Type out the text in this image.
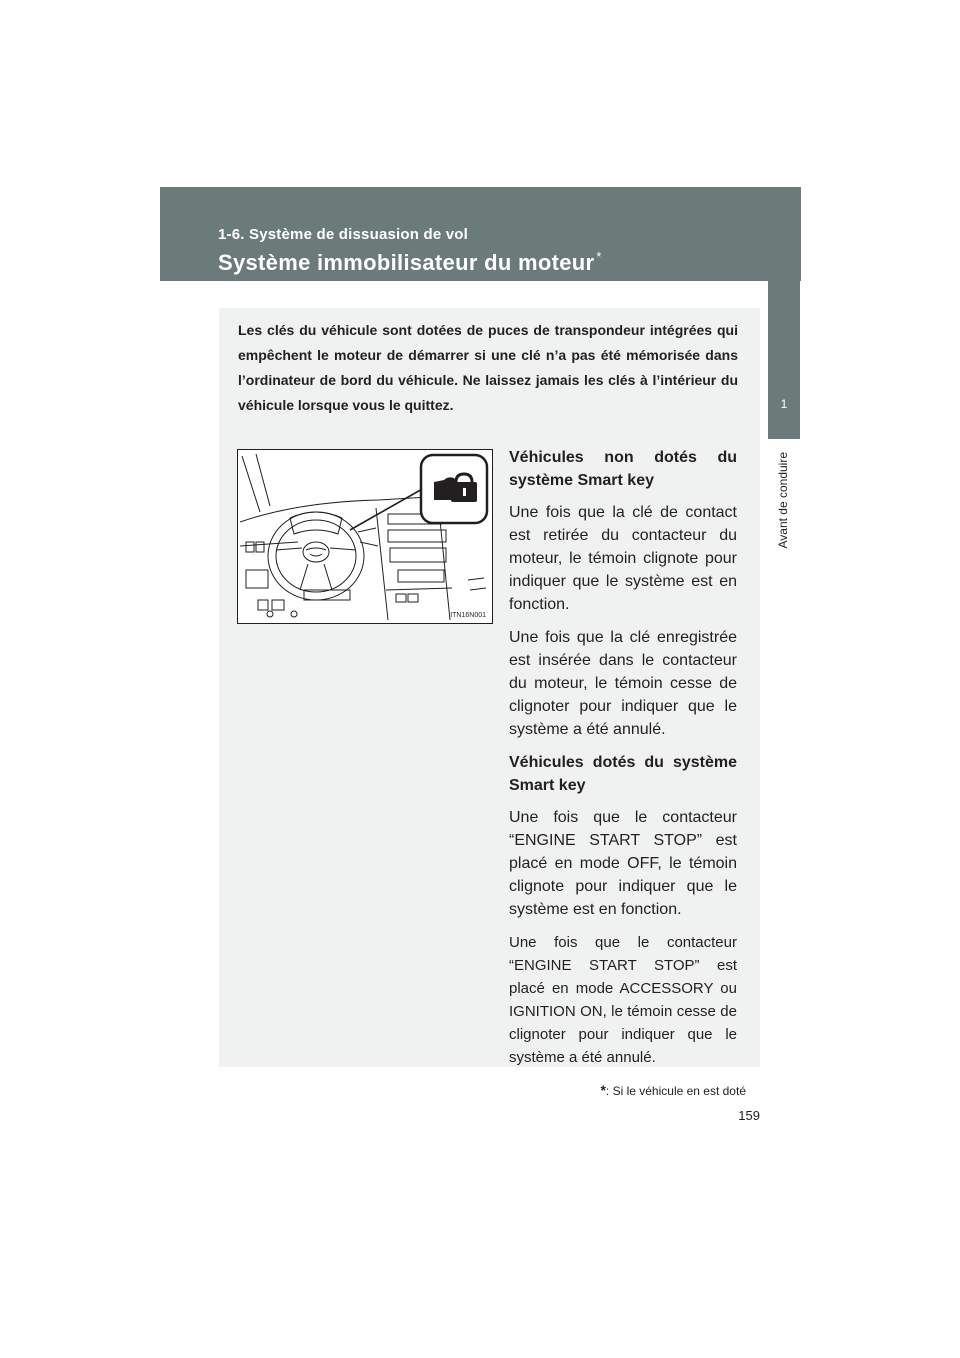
1-6. Système de dissuasion de vol
Système immobilisateur du moteur *
1
Avant de conduire

Les clés du véhicule sont dotées de puces de transpondeur intégrées qui empêchent le moteur de démarrer si une clé n’a pas été mémorisée dans l’ordinateur de bord du véhicule. Ne laissez jamais les clés à l’intérieur du véhicule lorsque vous le quittez.

ITN16N001

Véhicules non dotés du système Smart key

Une fois que la clé de contact est retirée du contacteur du moteur, le témoin clignote pour indiquer que le système est en fonction.

Une fois que la clé enregistrée est insérée dans le contacteur du moteur, le témoin cesse de clignoter pour indiquer que le système a été annulé.

Véhicules dotés du système Smart key

Une fois que le contacteur “ENGINE START STOP” est placé en mode OFF, le témoin clignote pour indiquer que le système est en fonction.

Une fois que le contacteur “ENGINE START STOP” est placé en mode ACCESSORY ou IGNITION ON, le témoin cesse de clignoter pour indiquer que le système a été annulé.

*: Si le véhicule en est doté
159
